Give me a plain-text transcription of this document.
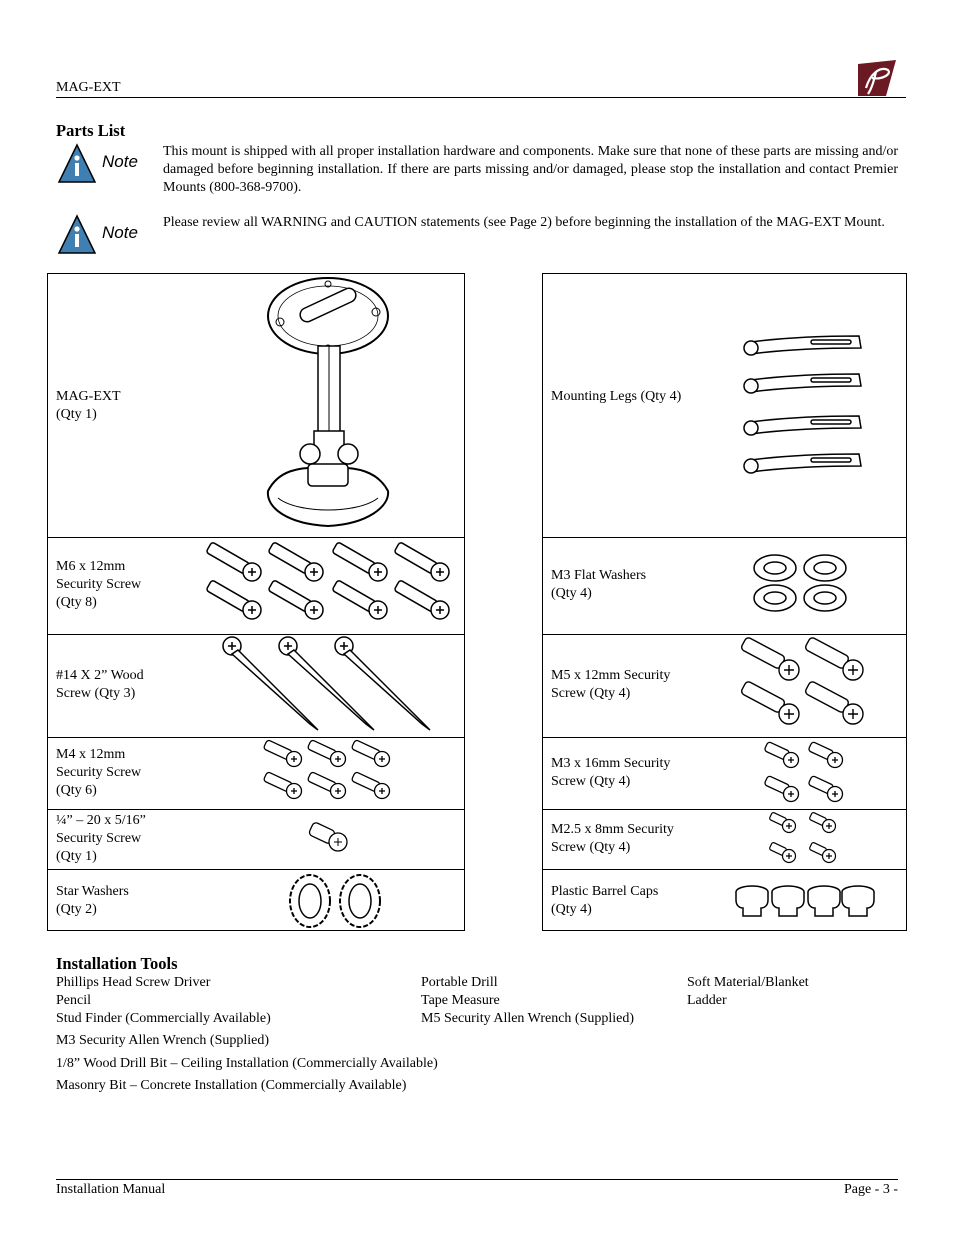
MAG-EXT
Parts List
Note
This mount is shipped with all proper installation hardware and components. Make sure that none of these parts are missing and/or damaged before beginning installation. If there are parts missing and/or damaged, please stop the installation and contact Premier Mounts (800-368-9700).
Note
Please review all WARNING and CAUTION statements (see Page 2) before beginning the installation of the MAG-EXT Mount.
MAG-EXT
(Qty 1)
M6 x 12mm
Security Screw
(Qty 8)
#14 X 2” Wood
Screw (Qty 3)
M4 x 12mm
Security Screw
(Qty 6)
¼” – 20 x 5/16”
Security Screw
(Qty 1)
Star Washers
(Qty 2)
Mounting Legs (Qty 4)
M3 Flat Washers
(Qty 4)
M5 x 12mm Security
Screw (Qty 4)
M3 x 16mm Security
Screw (Qty 4)
M2.5 x 8mm Security
Screw (Qty 4)
Plastic Barrel Caps
(Qty 4)
Installation Tools
Phillips Head Screw Driver
Pencil
Stud Finder (Commercially Available)
Portable Drill
Tape Measure
M5 Security Allen Wrench (Supplied)
Soft Material/Blanket
Ladder
M3 Security Allen Wrench (Supplied)
1/8” Wood Drill Bit – Ceiling Installation (Commercially Available)
Masonry Bit – Concrete Installation (Commercially Available)
Installation Manual	Page - 3 -
